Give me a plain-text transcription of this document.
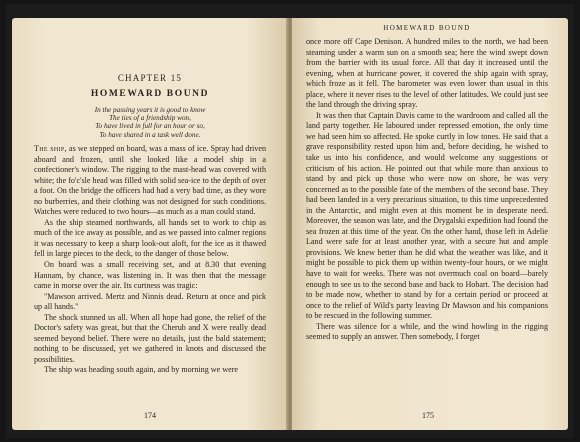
CHAPTER 15
HOMEWARD BOUND
In the passing years it is good to know
The ties of a friendship won,
To have lived in full for an hour or so,
To have shared in a task well done.

The ship, as we stepped on board, was a mass of ice. Spray had driven aboard and frozen, until she looked like a model ship in a confectioner's window. The rigging to the mast-head was covered with white; the fo'c'sle head was filled with solid sea-ice to the depth of over a foot. On the bridge the officers had had a very bad time, as they wore no burberries, and their clothing was not designed for such conditions. Watches were reduced to two hours—as much as a man could stand.

As the ship steamed northwards, all hands set to work to chip as much of the ice away as possible, and as we passed into calmer regions it was necessary to keep a sharp look-out aloft, for the ice as it thawed fell in large pieces to the deck, to the danger of those below.

On board was a small receiving set, and at 8.30 that evening Hannam, by chance, was listening in. It was then that the message came in morse over the air. Its curtness was tragic:

"Mawson arrived. Mertz and Ninnis dead. Return at once and pick up all hands."

The shock stunned us all. When all hope had gone, the relief of the Doctor's safety was great, but that the Cherub and X were really dead seemed beyond belief. There were no details, just the bald statement; nothing to be discussed, yet we gathered in knots and discussed the possibilities.

The ship was heading south again, and by morning we were

174
HOMEWARD BOUND

once more off Cape Denison. A hundred miles to the north, we had been steaming under a warm sun on a smooth sea; here the wind swept down from the barrier with its usual force. All that day it increased until the evening, when at hurricane power, it covered the ship again with spray, which froze as it fell. The barometer was even lower than usual in this place, where it never rises to the level of other latitudes. We could just see the land through the driving spray.

It was then that Captain Davis came to the wardroom and called all the land party together. He laboured under repressed emotion, the only time we had seen him so affected. He spoke curtly in low tones. He said that a grave responsibility rested upon him and, before deciding, he wished to take us into his confidence, and would welcome any suggestions or criticism of his action. He pointed out that while more than anxious to stand by and pick up those who were now on shore, he was very concerned as to the possible fate of the members of the second base. They had been landed in a very precarious situation, to this time unprecedented in the Antarctic, and might even at this moment be in desperate need. Moreover, the season was late, and the Drygalski expedition had found the sea frozen at this time of the year. On the other hand, those left in Adelie Land were safe for at least another year, with a secure hut and ample provisions. We knew better than he did what the weather was like, and it might be possible to pick them up within twenty-four hours, or we might have to wait for weeks. There was not overmuch coal on board—barely enough to see us to the second base and back to Hobart. The decision had to be made now, whether to stand by for a certain period or proceed at once to the relief of Wild's party leaving Dr Mawson and his companions to be rescued in the following summer.

There was silence for a while, and the wind howling in the rigging seemed to supply an answer. Then somebody, I forget

175
